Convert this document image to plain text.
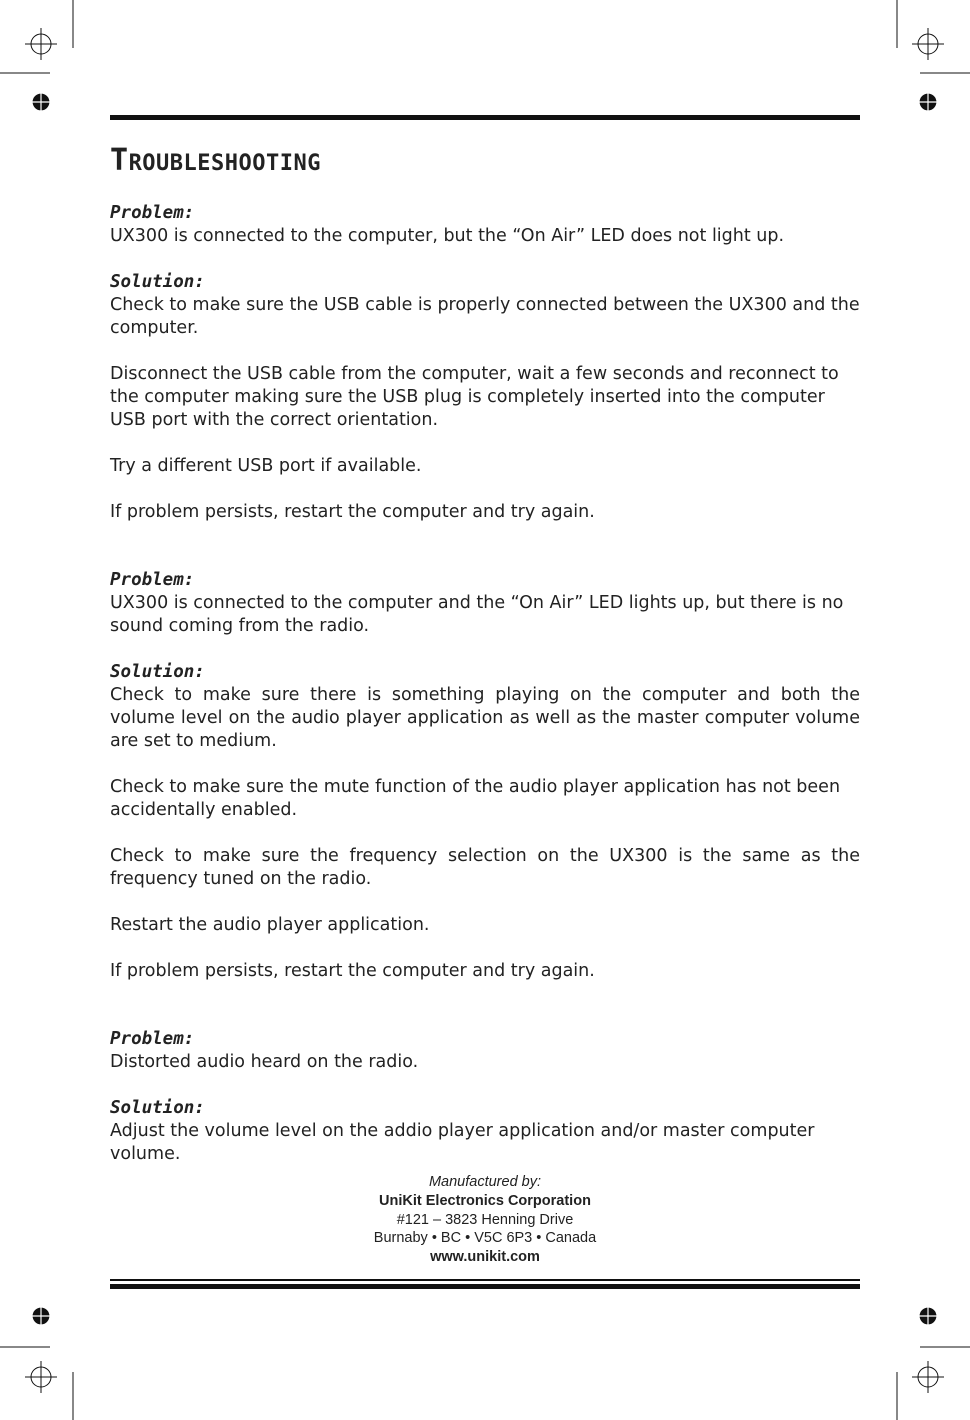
TROUBLESHOOTING
Problem:

UX300 is connected to the computer, but the “On Air” LED does not light up.

Solution:

Check to make sure the USB cable is properly connected between the UX300 and the computer.

Disconnect the USB cable from the computer, wait a few seconds and reconnect to the computer making sure the USB plug is completely inserted into the computer USB port with the correct orientation.

Try a different USB port if available.

If problem persists, restart the computer and try again.

Problem:

UX300 is connected to the computer and the “On Air” LED lights up, but there is no sound coming from the radio.

Solution:

Check to make sure there is something playing on the computer and both the volume level on the audio player application as well as the master computer volume are set to medium.

Check to make sure the mute function of the audio player application has not been accidentally enabled.

Check to make sure the frequency selection on the UX300 is the same as the frequency tuned on the radio.

Restart the audio player application.

If problem persists, restart the computer and try again.

Problem:

Distorted audio heard on the radio.

Solution:

Adjust the volume level on the addio player application and/or master computer volume.

Manufactured by:
UniKit Electronics Corporation
#121 – 3823 Henning Drive
Burnaby • BC • V5C 6P3 • Canada
www.unikit.com
